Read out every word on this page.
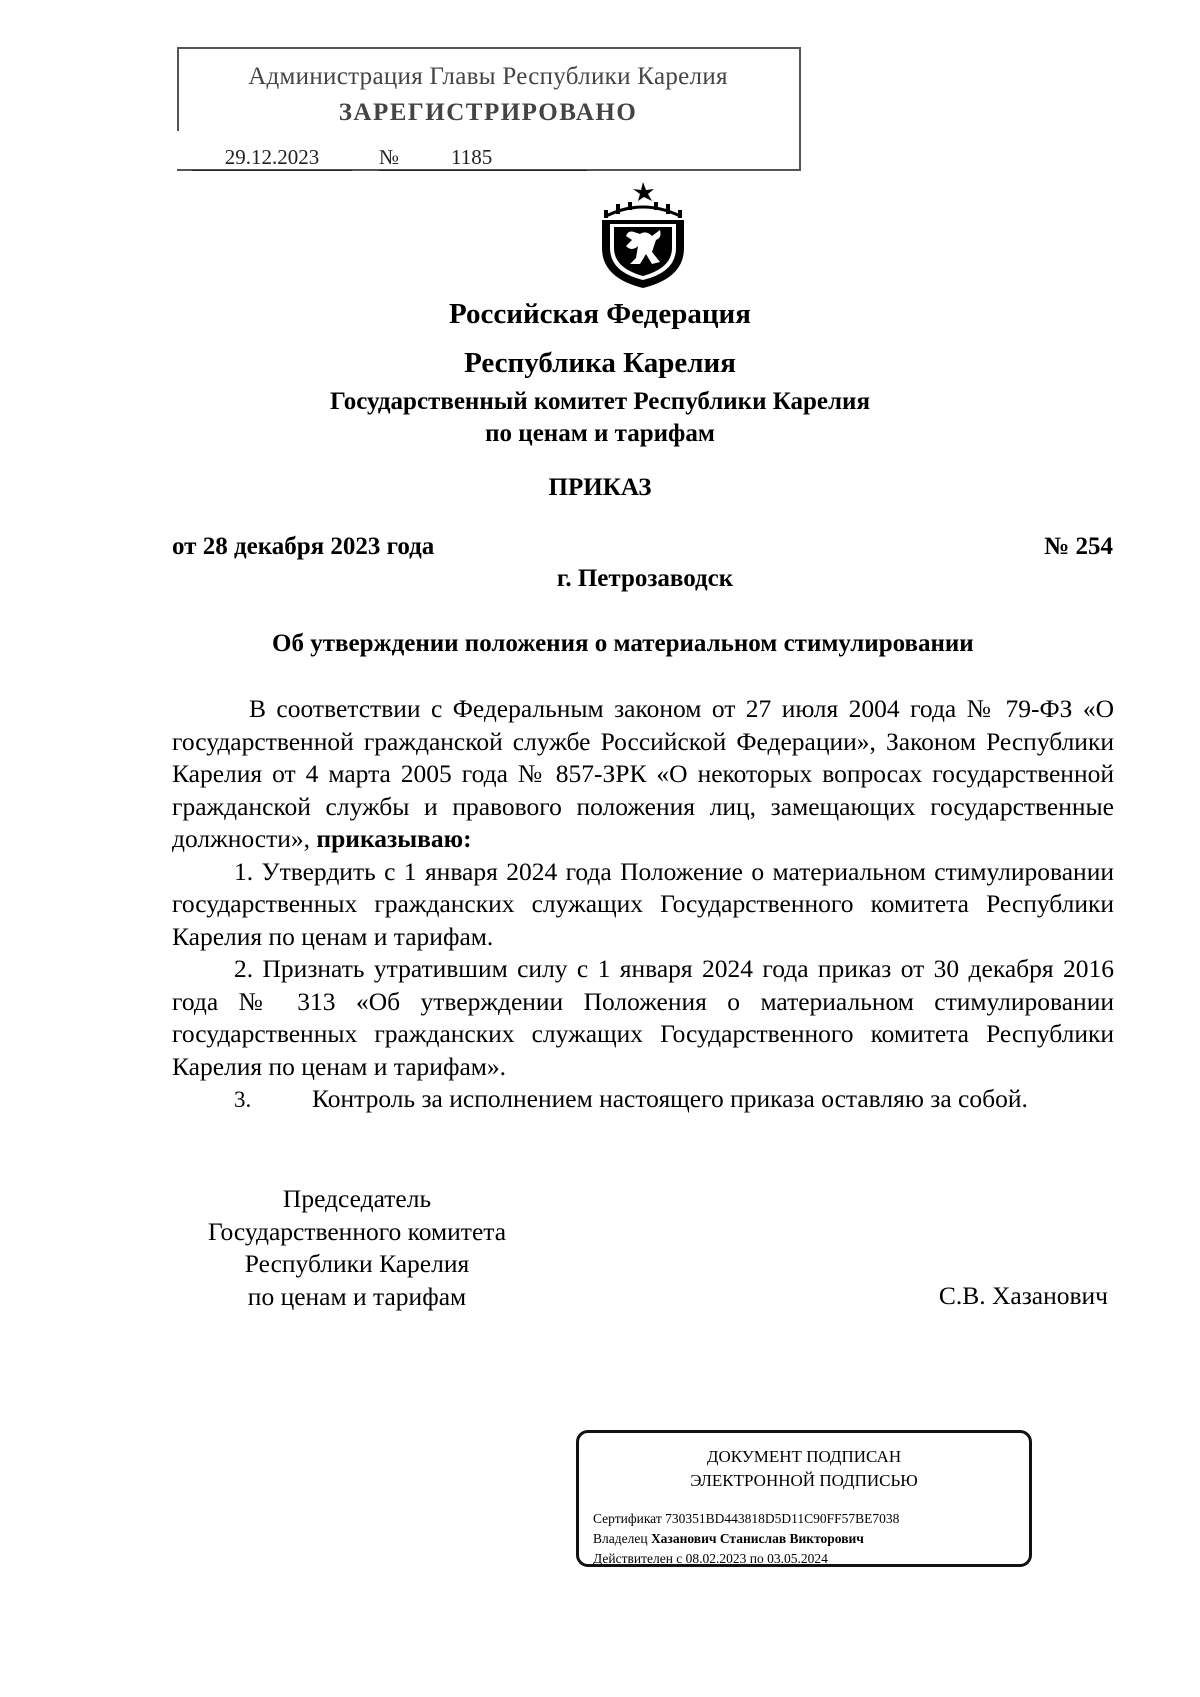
Администрация Главы Республики Карелия
ЗАРЕГИСТРИРОВАНО
29.12.2023	№	1185
Российская Федерация
Республика Карелия
Государственный комитет Республики Карелия
по ценам и тарифам
ПРИКАЗ
от 28 декабря 2023 года	№ 254
г. Петрозаводск
Об утверждении положения о материальном стимулировании

В соответствии с Федеральным законом от 27 июля 2004 года № 79-ФЗ «О государственной гражданской службе Российской Федерации», Законом Республики Карелия от 4 марта 2005 года № 857-ЗРК «О некоторых вопросах государственной гражданской службы и правового положения лиц, замещающих государственные должности», приказываю:

1. Утвердить с 1 января 2024 года Положение о материальном стимулировании государственных гражданских служащих Государственного комитета Республики Карелия по ценам и тарифам.

2. Признать утратившим силу с 1 января 2024 года приказ от 30 декабря 2016 года № 313 «Об утверждении Положения о материальном стимулировании государственных гражданских служащих Государственного комитета Республики Карелия по ценам и тарифам».

3. Контроль за исполнением настоящего приказа оставляю за собой.

Председатель
Государственного комитета
Республики Карелия
по ценам и тарифам	С.В. Хазанович
ДОКУМЕНТ ПОДПИСАН
ЭЛЕКТРОННОЙ ПОДПИСЬЮ
Сертификат 730351BD443818D5D11C90FF57BE7038
Владелец Хазанович Станислав Викторович
Действителен с 08.02.2023 по 03.05.2024
